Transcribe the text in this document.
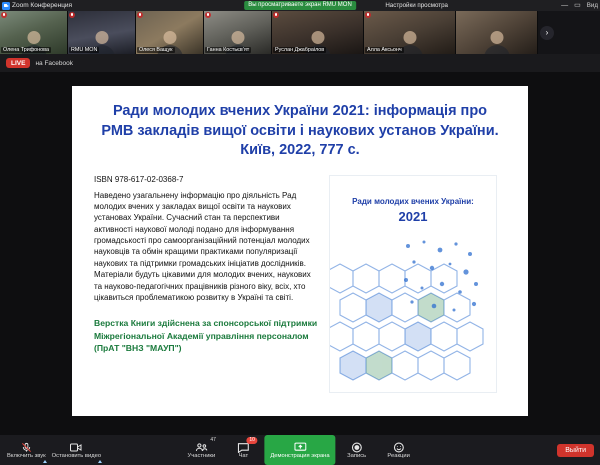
Zoom Конференция	Вы просматриваете экран RMU MON	Настройки просмотра	— ▭ Вид
Олена Трифонова	RMU MON	Олеся Ващук	Ганна Костьєв'ят	Руслан Джабраілов	Алла Аксьонч
›
LIVE	на Facebook
Ради молодих вчених України 2021: інформація про РМВ закладів вищої освіти і наукових установ України. Київ, 2022, 777 с.
ISBN 978-617-02-0368-7
Наведено узагальнену інформацію про діяльність Рад молодих вчених у закладах вищої освіти та наукових установах України. Сучасний стан та перспективи активності наукової молоді подано для інформування громадськості про самоорганізаційний потенціал молодих науковців та обмін кращими практиками популяризації наукових та підтримки громадських ініціатив дослідників. Матеріали будуть цікавими для молодих вчених, наукових та науково-педагогічних працівників різного віку, всіх, хто цікавиться проблематикою розвитку в Україні та світі.
Верстка Книги здійснена за спонсорської підтримки Міжрегіональної Академії управління персоналом (ПрАТ "ВНЗ "МАУП")
Ради молодих вчених України:
2021
Включить звук Остановить видео	Участники
47
Чат
10
Демонстрация экрана	Запись	Реакции
Выйти
